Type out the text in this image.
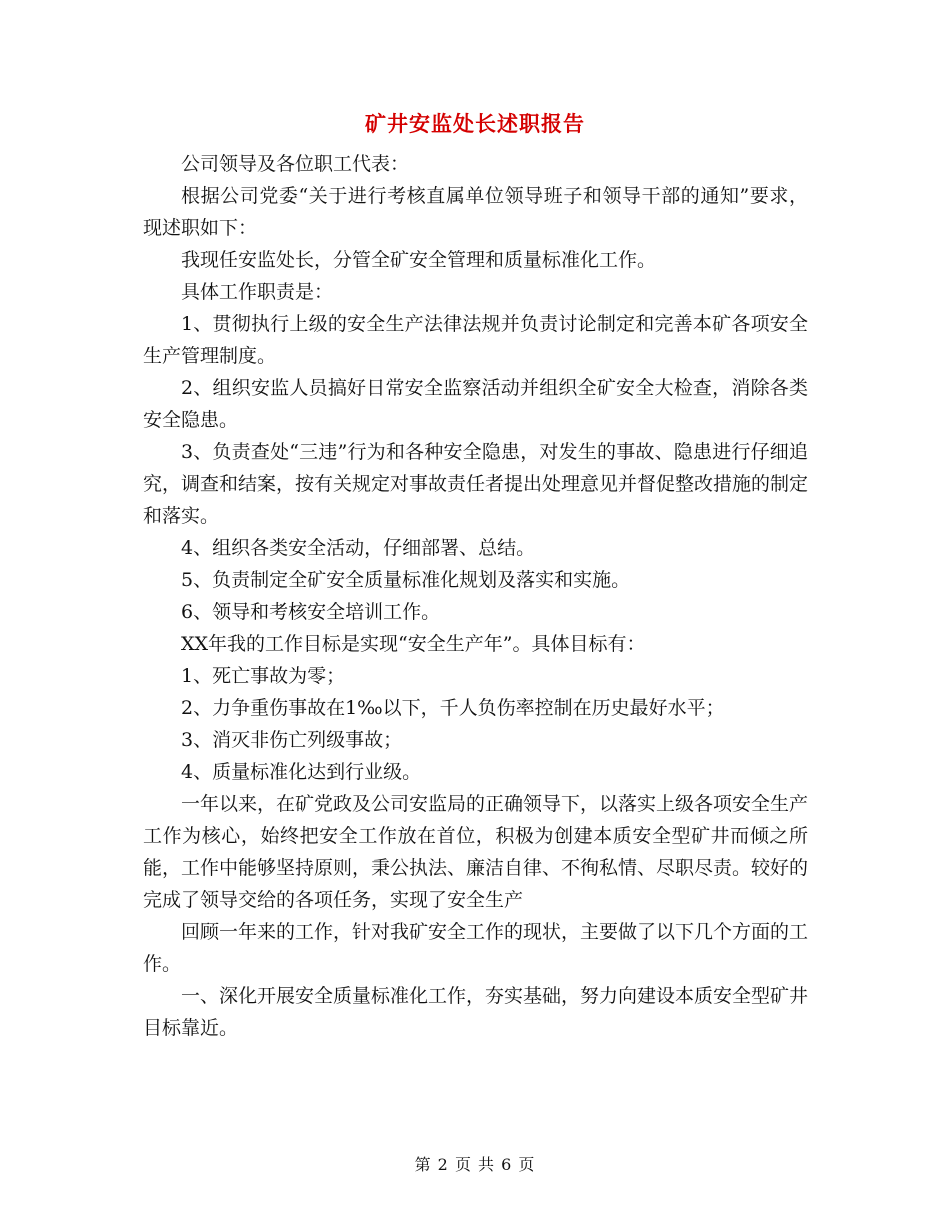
矿井安监处长述职报告

公司领导及各位职工代表：

根据公司党委“关于进行考核直属单位领导班子和领导干部的通知”要求，现述职如下：

我现任安监处长，分管全矿安全管理和质量标准化工作。

具体工作职责是：

1、贯彻执行上级的安全生产法律法规并负责讨论制定和完善本矿各项安全生产管理制度。

2、组织安监人员搞好日常安全监察活动并组织全矿安全大检查，消除各类安全隐患。

3、负责查处“三违”行为和各种安全隐患，对发生的事故、隐患进行仔细追究，调查和结案，按有关规定对事故责任者提出处理意见并督促整改措施的制定和落实。

4、组织各类安全活动，仔细部署、总结。

5、负责制定全矿安全质量标准化规划及落实和实施。

6、领导和考核安全培训工作。

XX年我的工作目标是实现“安全生产年”。具体目标有：

1、死亡事故为零；

2、力争重伤事故在1‰以下，千人负伤率控制在历史最好水平；

3、消灭非伤亡列级事故；

4、质量标准化达到行业级。

一年以来，在矿党政及公司安监局的正确领导下，以落实上级各项安全生产工作为核心，始终把安全工作放在首位，积极为创建本质安全型矿井而倾之所能，工作中能够坚持原则，秉公执法、廉洁自律、不徇私情、尽职尽责。较好的完成了领导交给的各项任务，实现了安全生产

回顾一年来的工作，针对我矿安全工作的现状，主要做了以下几个方面的工作。

一、深化开展安全质量标准化工作，夯实基础，努力向建设本质安全型矿井目标靠近。

第 2 页 共 6 页
